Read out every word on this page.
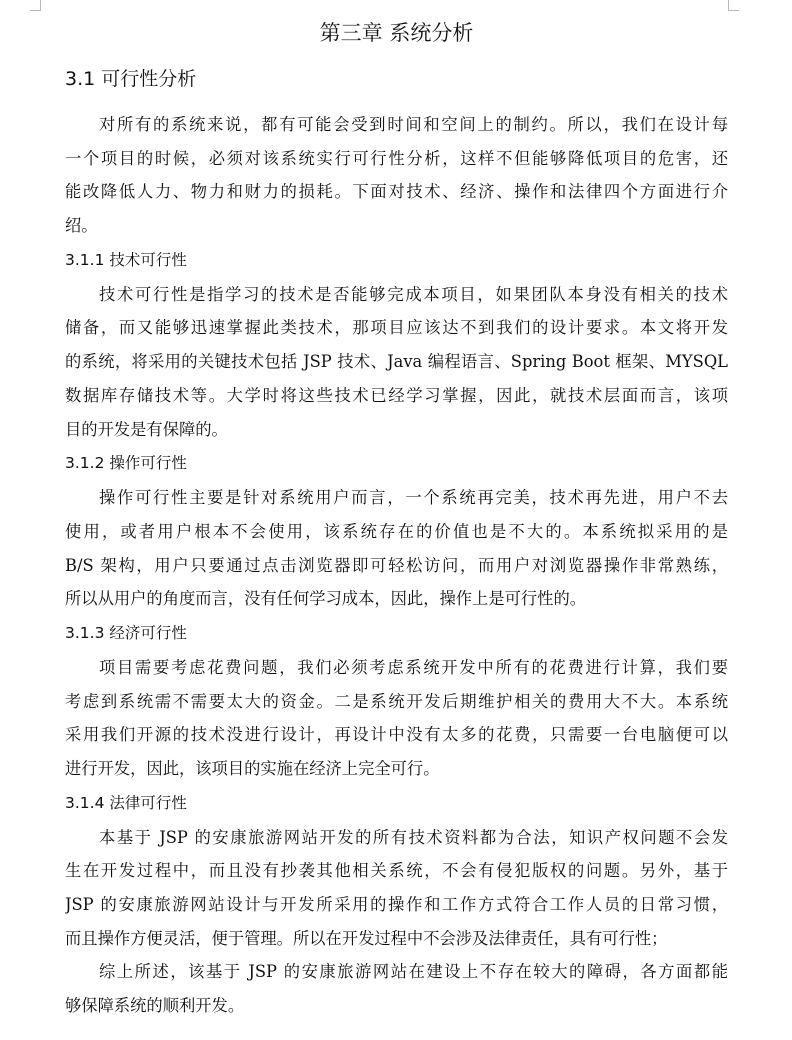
第三章 系统分析
3.1 可行性分析
对所有的系统来说，都有可能会受到时间和空间上的制约。所以，我们在设计每
一个项目的时候，必须对该系统实行可行性分析，这样不但能够降低项目的危害，还
能改降低人力、物力和财力的损耗。下面对技术、经济、操作和法律四个方面进行介
绍。
3.1.1 技术可行性
技术可行性是指学习的技术是否能够完成本项目，如果团队本身没有相关的技术
储备，而又能够迅速掌握此类技术，那项目应该达不到我们的设计要求。本文将开发
的系统，将采用的关键技术包括 JSP 技术、Java 编程语言、Spring Boot 框架、MYSQL
数据库存储技术等。大学时将这些技术已经学习掌握，因此，就技术层面而言，该项
目的开发是有保障的。
3.1.2 操作可行性
操作可行性主要是针对系统用户而言，一个系统再完美，技术再先进，用户不去
使用，或者用户根本不会使用，该系统存在的价值也是不大的。本系统拟采用的是
B/S 架构，用户只要通过点击浏览器即可轻松访问，而用户对浏览器操作非常熟练，
所以从用户的角度而言，没有任何学习成本，因此，操作上是可行性的。
3.1.3 经济可行性
项目需要考虑花费问题，我们必须考虑系统开发中所有的花费进行计算，我们要
考虑到系统需不需要太大的资金。二是系统开发后期维护相关的费用大不大。本系统
采用我们开源的技术没进行设计，再设计中没有太多的花费，只需要一台电脑便可以
进行开发，因此，该项目的实施在经济上完全可行。
3.1.4 法律可行性
本基于 JSP 的安康旅游网站开发的所有技术资料都为合法，知识产权问题不会发
生在开发过程中，而且没有抄袭其他相关系统，不会有侵犯版权的问题。另外，基于
JSP 的安康旅游网站设计与开发所采用的操作和工作方式符合工作人员的日常习惯，
而且操作方便灵活，便于管理。所以在开发过程中不会涉及法律责任，具有可行性；
综上所述，该基于 JSP 的安康旅游网站在建设上不存在较大的障碍，各方面都能
够保障系统的顺利开发。
